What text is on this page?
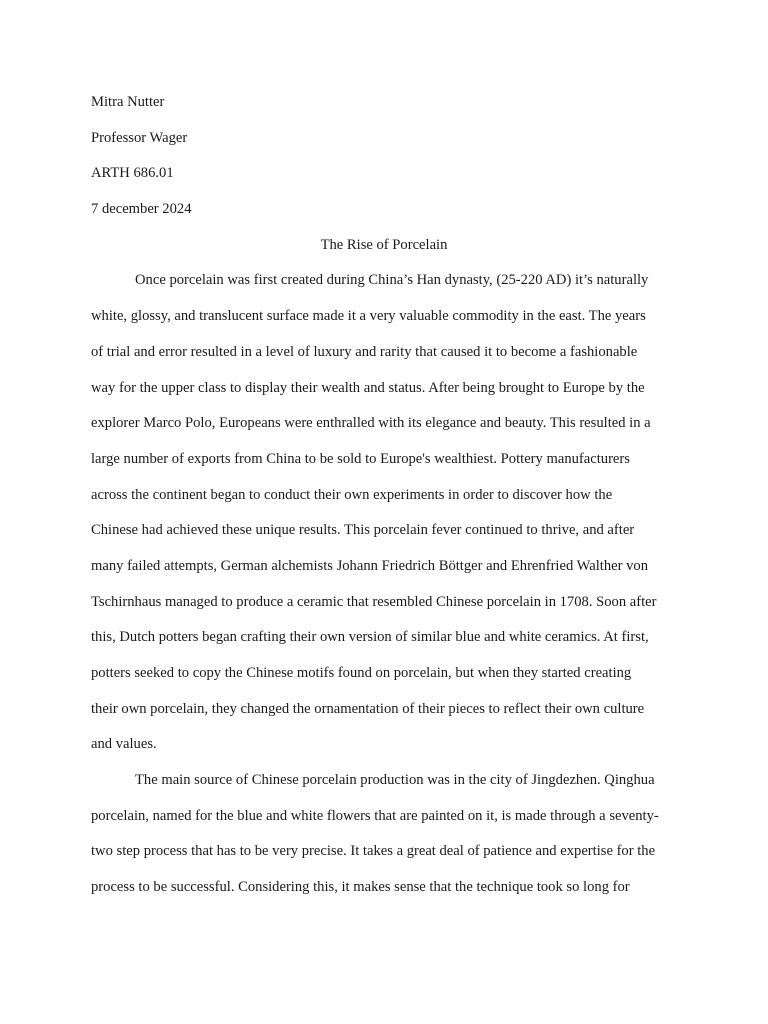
Mitra Nutter
Professor Wager
ARTH 686.01
7 december 2024
The Rise of Porcelain
Once porcelain was first created during China’s Han dynasty, (25-220 AD) it’s naturally
white, glossy, and translucent surface made it a very valuable commodity in the east. The years
of trial and error resulted in a level of luxury and rarity that caused it to become a fashionable
way for the upper class to display their wealth and status. After being brought to Europe by the
explorer Marco Polo, Europeans were enthralled with its elegance and beauty. This resulted in a
large number of exports from China to be sold to Europe's wealthiest. Pottery manufacturers
across the continent began to conduct their own experiments in order to discover how the
Chinese had achieved these unique results. This porcelain fever continued to thrive, and after
many failed attempts, German alchemists Johann Friedrich Böttger and Ehrenfried Walther von
Tschirnhaus managed to produce a ceramic that resembled Chinese porcelain in 1708. Soon after
this, Dutch potters began crafting their own version of similar blue and white ceramics. At first,
potters seeked to copy the Chinese motifs found on porcelain, but when they started creating
their own porcelain, they changed the ornamentation of their pieces to reflect their own culture
and values.
The main source of Chinese porcelain production was in the city of Jingdezhen. Qinghua
porcelain, named for the blue and white flowers that are painted on it, is made through a seventy-
two step process that has to be very precise. It takes a great deal of patience and expertise for the
process to be successful. Considering this, it makes sense that the technique took so long for
